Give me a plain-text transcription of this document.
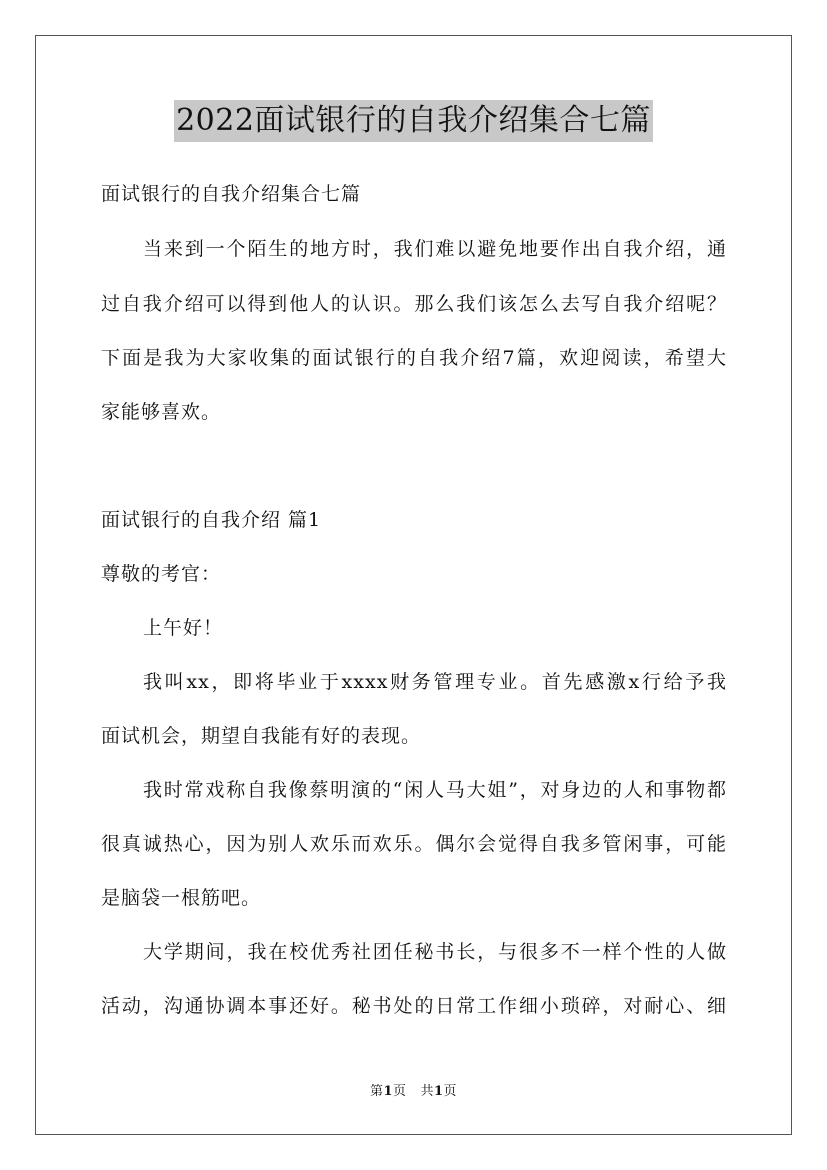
2022面试银行的自我介绍集合七篇
面试银行的自我介绍集合七篇
当来到一个陌生的地方时，我们难以避免地要作出自我介绍，通
过自我介绍可以得到他人的认识。那么我们该怎么去写自我介绍呢？
下面是我为大家收集的面试银行的自我介绍7篇，欢迎阅读，希望大
家能够喜欢。
面试银行的自我介绍 篇1
尊敬的考官：
上午好！
我叫xx，即将毕业于xxxx财务管理专业。首先感激x行给予我
面试机会，期望自我能有好的表现。
我时常戏称自我像蔡明演的“闲人马大姐”，对身边的人和事物都
很真诚热心，因为别人欢乐而欢乐。偶尔会觉得自我多管闲事，可能
是脑袋一根筋吧。
大学期间，我在校优秀社团任秘书长，与很多不一样个性的人做
活动，沟通协调本事还好。秘书处的日常工作细小琐碎，对耐心、细
第1页   共1页
